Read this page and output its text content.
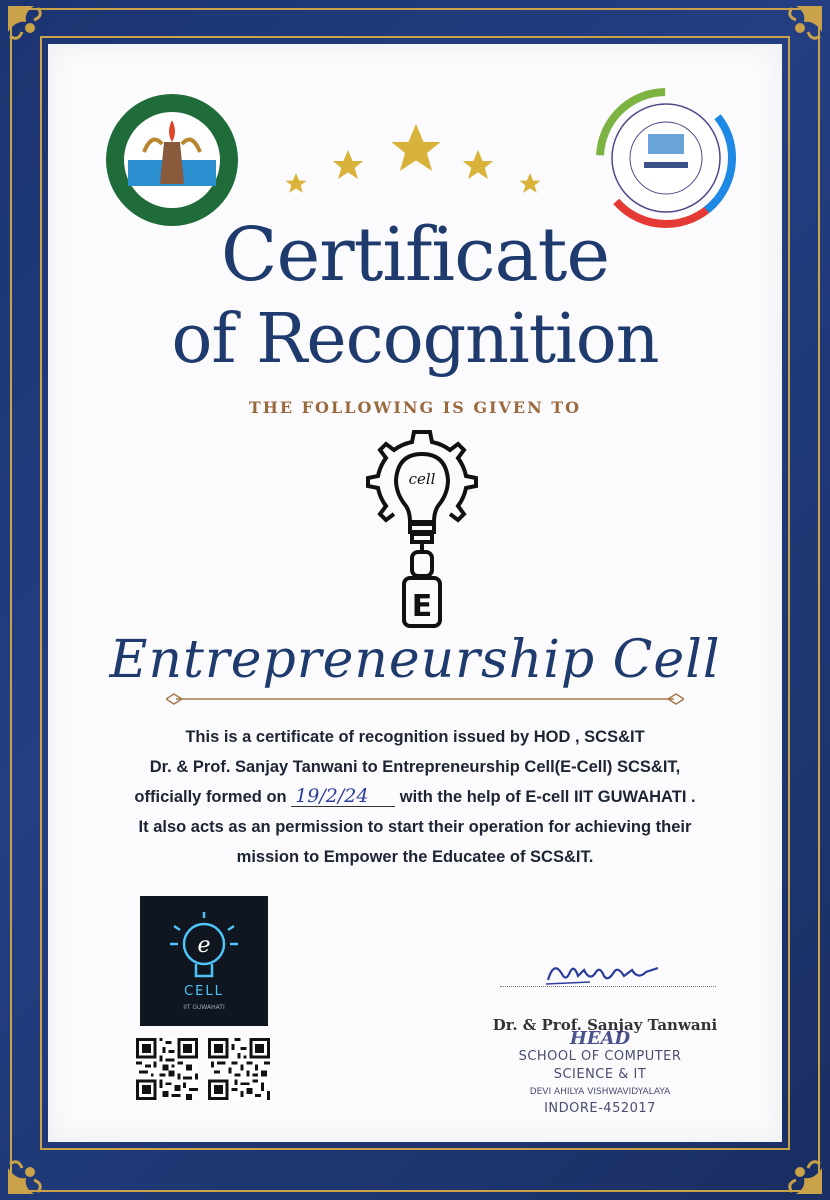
Certificate
of Recognition
THE FOLLOWING IS GIVEN TO
cell
E
Entrepreneurship Cell
This is a certificate of recognition issued by HOD , SCS&IT
Dr. & Prof. Sanjay Tanwani to Entrepreneurship Cell(E-Cell) SCS&IT,
officially formed on 19/2/24 with the help of E-cell IIT GUWAHATI .
It also acts as an permission to start their operation for achieving their
mission to Empower the Educatee of SCS&IT.
e
CELL
IIT GUWAHATI
Dr. & Prof. Sanjay Tanwani
HEAD
SCHOOL OF COMPUTER
SCIENCE & IT
DEVI AHILYA VISHWAVIDYALAYA
INDORE-452017
